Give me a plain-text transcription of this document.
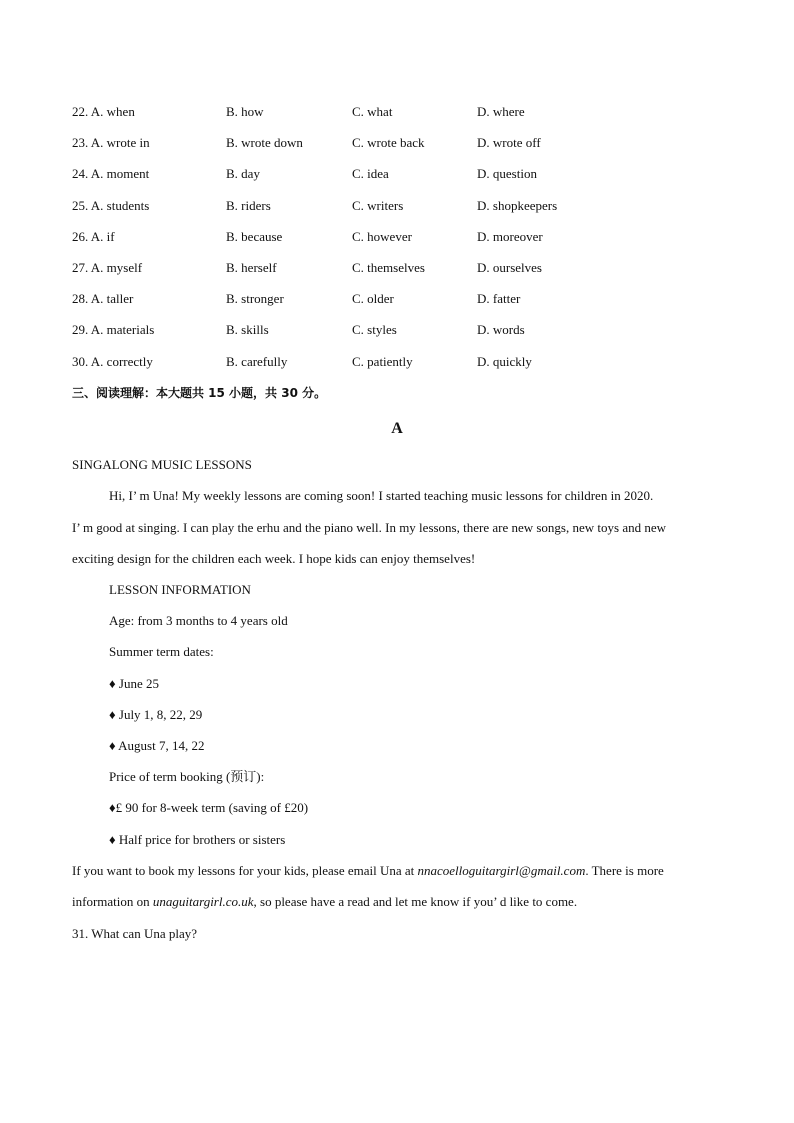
22. A. when	B. how	C. what	D. where
23. A. wrote in	B. wrote down	C. wrote back	D. wrote off
24. A. moment	B. day	C. idea	D. question
25. A. students	B. riders	C. writers	D. shopkeepers
26. A. if	B. because	C. however	D. moreover
27. A. myself	B. herself	C. themselves	D. ourselves
28. A. taller	B. stronger	C. older	D. fatter
29. A. materials	B. skills	C. styles	D. words
30. A. correctly	B. carefully	C. patiently	D. quickly
三、阅读理解：本大题共 15 小题，共 30 分。
A
SINGALONG MUSIC LESSONS
Hi, I’ m Una! My weekly lessons are coming soon! I started teaching music lessons for children in 2020.
I’ m good at singing. I can play the erhu and the piano well. In my lessons, there are new songs, new toys and new
exciting design for the children each week. I hope kids can enjoy themselves!
LESSON INFORMATION
Age: from 3 months to 4 years old
Summer term dates:
♦ June 25
♦ July 1, 8, 22, 29
♦ August 7, 14, 22
Price of term booking (预订):
♦£ 90 for 8-week term (saving of £20)
♦ Half price for brothers or sisters
If you want to book my lessons for your kids, please email Una at nnacoelloguitargirl@gmail.com. There is more
information on unaguitargirl.co.uk, so please have a read and let me know if you’ d like to come.
31. What can Una play?
